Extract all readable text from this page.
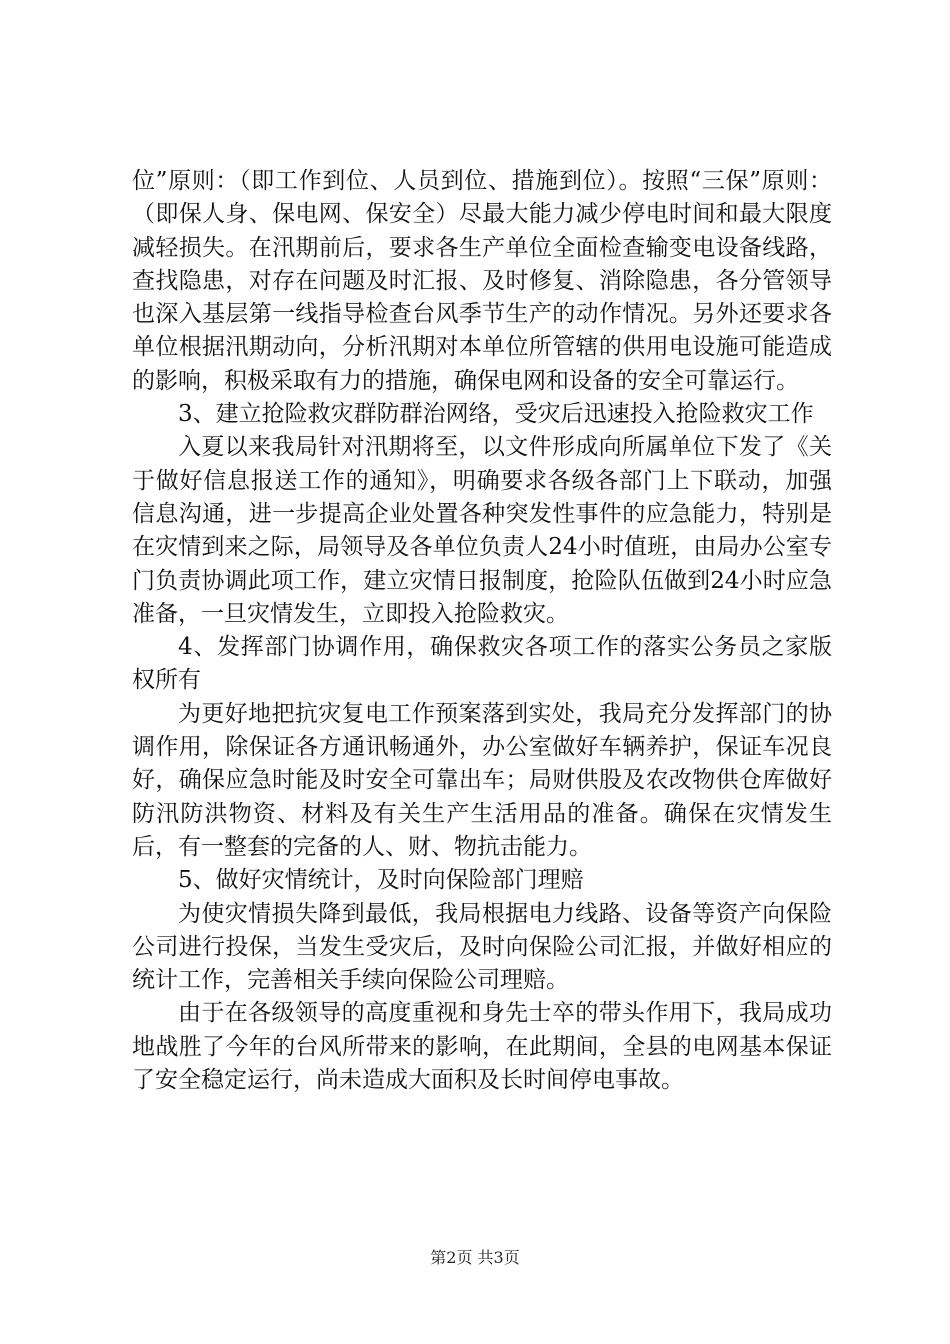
位”原则：（即工作到位、人员到位、措施到位）。按照“三保”原则：（即保人身、保电网、保安全）尽最大能力减少停电时间和最大限度减轻损失。在汛期前后，要求各生产单位全面检查输变电设备线路，查找隐患，对存在问题及时汇报、及时修复、消除隐患，各分管领导也深入基层第一线指导检查台风季节生产的动作情况。另外还要求各单位根据汛期动向，分析汛期对本单位所管辖的供用电设施可能造成的影响，积极采取有力的措施，确保电网和设备的安全可靠运行。

3、建立抢险救灾群防群治网络，受灾后迅速投入抢险救灾工作

入夏以来我局针对汛期将至，以文件形成向所属单位下发了《关于做好信息报送工作的通知》，明确要求各级各部门上下联动，加强信息沟通，进一步提高企业处置各种突发性事件的应急能力，特别是在灾情到来之际，局领导及各单位负责人24小时值班，由局办公室专门负责协调此项工作，建立灾情日报制度，抢险队伍做到24小时应急准备，一旦灾情发生，立即投入抢险救灾。

4、发挥部门协调作用，确保救灾各项工作的落实公务员之家版权所有

为更好地把抗灾复电工作预案落到实处，我局充分发挥部门的协调作用，除保证各方通讯畅通外，办公室做好车辆养护，保证车况良好，确保应急时能及时安全可靠出车；局财供股及农改物供仓库做好防汛防洪物资、材料及有关生产生活用品的准备。确保在灾情发生后，有一整套的完备的人、财、物抗击能力。

5、做好灾情统计，及时向保险部门理赔

为使灾情损失降到最低，我局根据电力线路、设备等资产向保险公司进行投保，当发生受灾后，及时向保险公司汇报，并做好相应的统计工作，完善相关手续向保险公司理赔。

由于在各级领导的高度重视和身先士卒的带头作用下，我局成功地战胜了今年的台风所带来的影响，在此期间，全县的电网基本保证了安全稳定运行，尚未造成大面积及长时间停电事故。

第2页 共3页
